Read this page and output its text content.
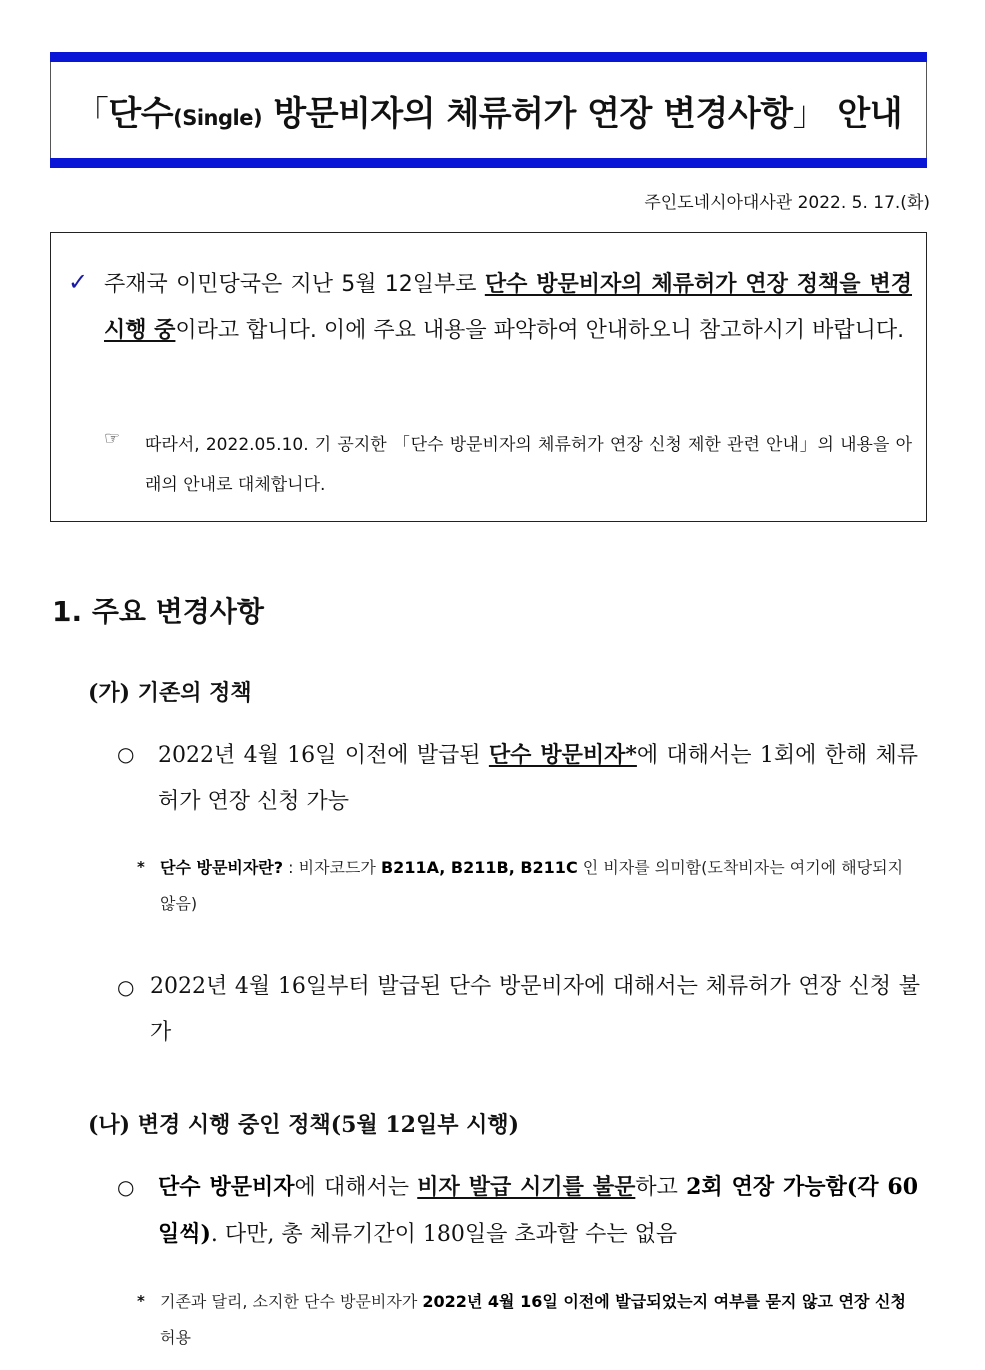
「단수(Single) 방문비자의 체류허가 연장 변경사항」 안내
주인도네시아대사관 2022. 5. 17.(화)
✓ 주재국 이민당국은 지난 5월 12일부로 단수 방문비자의 체류허가 연장 정책을 변경 시행 중이라고 합니다. 이에 주요 내용을 파악하여 안내하오니 참고하시기 바랍니다.
☞ 따라서, 2022.05.10. 기 공지한 「단수 방문비자의 체류허가 연장 신청 제한 관련 안내」의 내용을 아래의 안내로 대체합니다.
1. 주요 변경사항
(가) 기존의 정책
○ 2022년 4월 16일 이전에 발급된 단수 방문비자*에 대해서는 1회에 한해 체류허가 연장 신청 가능
* 단수 방문비자란? : 비자코드가 B211A, B211B, B211C 인 비자를 의미함(도착비자는 여기에 해당되지 않음)
○ 2022년 4월 16일부터 발급된 단수 방문비자에 대해서는 체류허가 연장 신청 불가
(나) 변경 시행 중인 정책(5월 12일부 시행)
○ 단수 방문비자에 대해서는 비자 발급 시기를 불문하고 2회 연장 가능함(각 60일씩). 다만, 총 체류기간이 180일을 초과할 수는 없음
* 기존과 달리, 소지한 단수 방문비자가 2022년 4월 16일 이전에 발급되었는지 여부를 묻지 않고 연장 신청 허용
